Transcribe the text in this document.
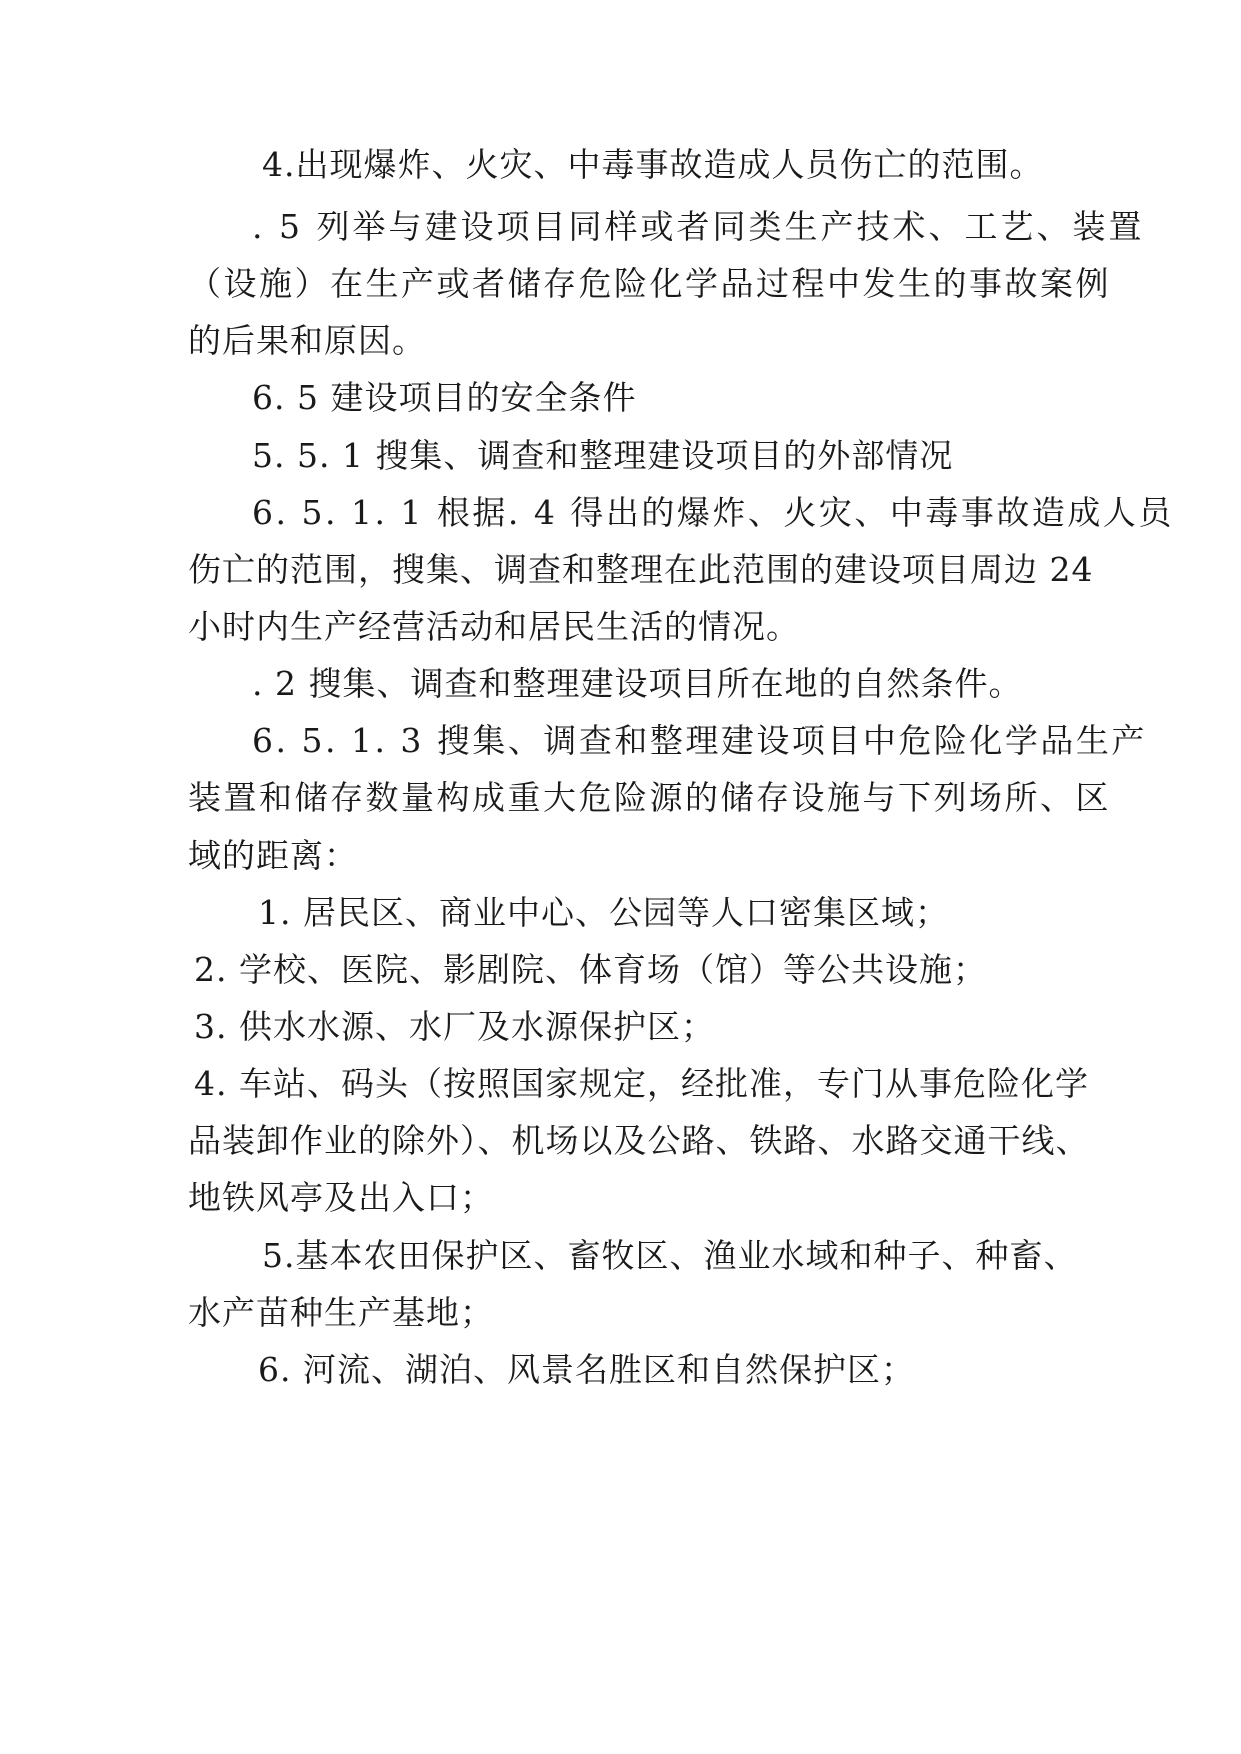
4.出现爆炸、火灾、中毒事故造成人员伤亡的范围。

. 5 列举与建设项目同样或者同类生产技术、工艺、装置

（设施）在生产或者储存危险化学品过程中发生的事故案例

的后果和原因。

6. 5 建设项目的安全条件

5. 5. 1 搜集、调查和整理建设项目的外部情况

6. 5. 1. 1 根据. 4 得出的爆炸、火灾、中毒事故造成人员

伤亡的范围，搜集、调查和整理在此范围的建设项目周边 24

小时内生产经营活动和居民生活的情况。

. 2 搜集、调查和整理建设项目所在地的自然条件。

6. 5. 1. 3 搜集、调查和整理建设项目中危险化学品生产

装置和储存数量构成重大危险源的储存设施与下列场所、区

域的距离：

1. 居民区、商业中心、公园等人口密集区域；

2. 学校、医院、影剧院、体育场（馆）等公共设施；

3. 供水水源、水厂及水源保护区；

4. 车站、码头（按照国家规定，经批准，专门从事危险化学

品装卸作业的除外）、机场以及公路、铁路、水路交通干线、

地铁风亭及出入口；

5.基本农田保护区、畜牧区、渔业水域和种子、种畜、

水产苗种生产基地；

6. 河流、湖泊、风景名胜区和自然保护区；
